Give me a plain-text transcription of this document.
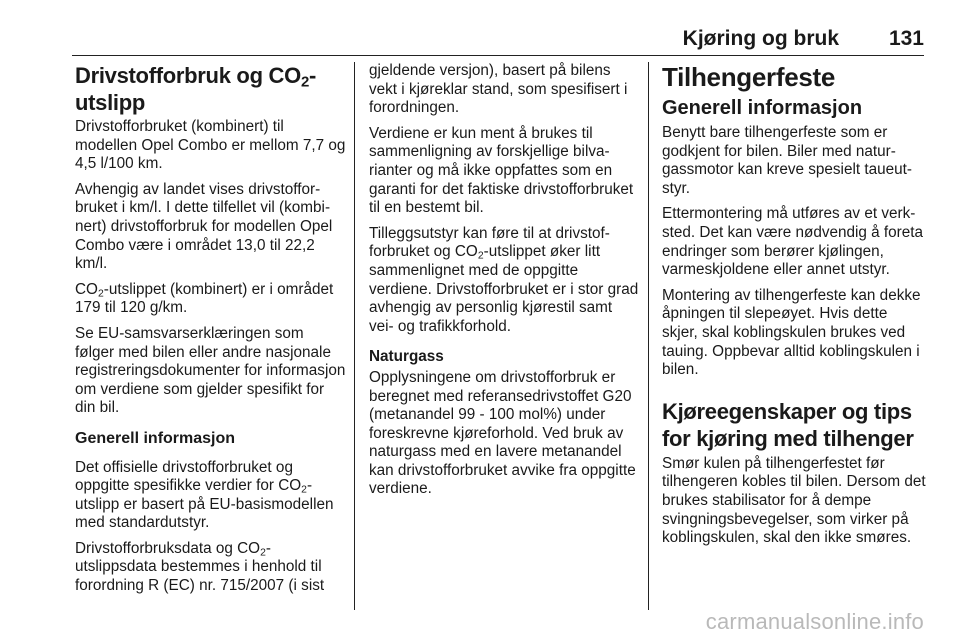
Kjøring og bruk 131
Drivstofforbruk og $CO_2$-utslipp

Drivstofforbruket (kombinert) til modellen Opel Combo er mellom 7,7 og 4,5 l/100 km.

Avhengig av landet vises drivstofforbruket i km/l. I dette tilfellet vil (kombinert) drivstofforbruk for modellen Opel Combo være i området 13,0 til 22,2 km/l.

$CO_2$-utslippet (kombinert) er i området 179 til 120 g/km.

Se EU-samsvarserklæringen som følger med bilen eller andre nasjonale registreringsdokumenter for informasjon om verdiene som gjelder spesifikt for din bil.

Generell informasjon

Det offisielle drivstofforbruket og oppgitte spesifikke verdier for $CO_2$-utslipp er basert på EU-basismodellen med standardutstyr.

Drivstofforbruksdata og $CO_2$-utslippsdata bestemmes i henhold til forordning R (EC) nr. 715/2007 (i sist

gjeldende versjon), basert på bilens vekt i kjøreklar stand, som spesifisert i forordningen.

Verdiene er kun ment å brukes til sammenligning av forskjellige bilvarianter og må ikke oppfattes som en garanti for det faktiske drivstofforbruket til en bestemt bil.

Tilleggsutstyr kan føre til at drivstofforbruket og $CO_2$-utslippet øker litt sammenlignet med de oppgitte verdiene. Drivstofforbruket er i stor grad avhengig av personlig kjørestil samt vei- og trafikkforhold.

Naturgass

Opplysningene om drivstofforbruk er beregnet med referansedrivstoffet G20 (metanandel 99 - 100 mol%) under foreskrevne kjøreforhold. Ved bruk av naturgass med en lavere metanandel kan drivstofforbruket avvike fra oppgitte verdiene.

Tilhengerfeste
Generell informasjon

Benytt bare tilhengerfeste som er godkjent for bilen. Biler med naturgassmotor kan kreve spesielt taueutstyr.

Ettermontering må utføres av et verksted. Det kan være nødvendig å foreta endringer som berører kjølingen, varmeskjoldene eller annet utstyr.

Montering av tilhengerfeste kan dekke åpningen til slepeøyet. Hvis dette skjer, skal koblingskulen brukes ved tauing. Oppbevar alltid koblingskulen i bilen.

Kjøreegenskaper og tips for kjøring med tilhenger

Smør kulen på tilhengerfestet før tilhengeren kobles til bilen. Dersom det brukes stabilisator for å dempe svingningsbevegelser, som virker på koblingskulen, skal den ikke smøres.

carmanualsonline.info
